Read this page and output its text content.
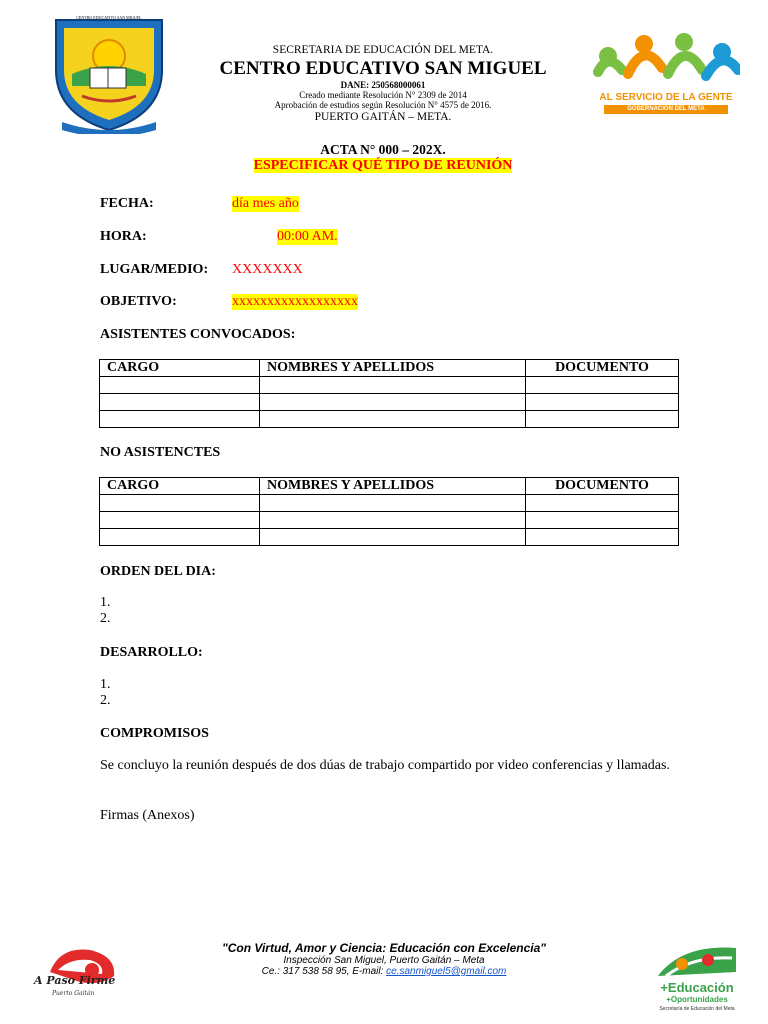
CENTRO EDUCATIVO SAN MIGUEL
AL SERVICIO DE LA GENTE
GOBERNACIÓN DEL META
SECRETARIA DE EDUCACIÓN DEL META.
CENTRO EDUCATIVO SAN MIGUEL
DANE: 250568000061
Creado mediante Resolución N° 2309 de 2014
Aprobación de estudios según Resolución N° 4575 de 2016.
PUERTO GAITÁN – META.
ACTA N° 000 – 202X.
ESPECIFICAR QUÉ TIPO DE REUNIÓN
FECHA:	día mes año
HORA:	00:00 AM.
LUGAR/MEDIO: XXXXXXX
OBJETIVO:	xxxxxxxxxxxxxxxxxx
ASISTENTES CONVOCADOS:
CARGO	NOMBRES Y APELLIDOS	DOCUMENTO

NO ASISTENCTES
CARGO	NOMBRES Y APELLIDOS	DOCUMENTO

ORDEN DEL DIA:
1.
2.
DESARROLLO:
1.
2.
COMPROMISOS
Se concluyo la reunión después de dos dúas de trabajo compartido por video conferencias y llamadas.
Firmas (Anexos)
A Paso Firme
Puerto Gaitán
"Con Virtud, Amor y Ciencia: Educación con Excelencia"
Inspección San Miguel, Puerto Gaitán – Meta
Ce.: 317 538 58 95, E-mail: ce.sanmiguel5@gmail.com
+Educación
+Oportunidades
Secretaría de Educación del Meta
